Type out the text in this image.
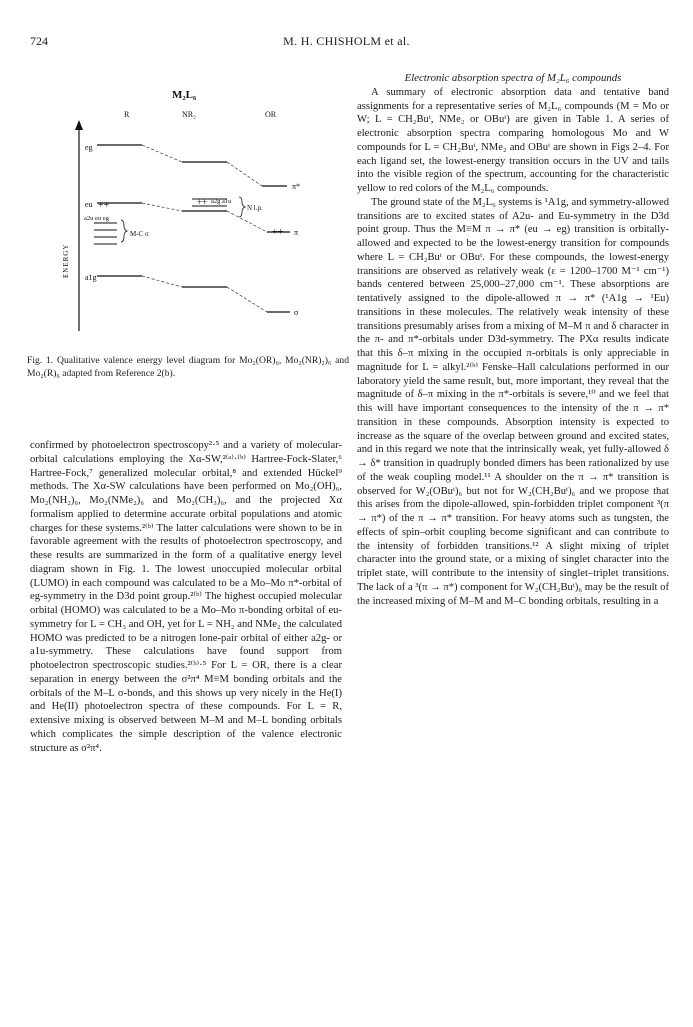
724	M. H. CHISHOLM et al.
M₂L₆
R	NR₂	OR
ENERGY
eg
π*
eu ++
++ π
++ a2g a1u
N l.p.
a2u eu eg
M-C σ
a1g
σ
Fig. 1. Qualitative valence energy level diagram for Mo₂(OR)₆, Mo₂(NR)₂)₆ and Mo₂(R)₆ adapted from Reference 2(b).

confirmed by photoelectron spectroscopy²·⁵ and a variety of molecular-orbital calculations employing the Xα-SW,²⁽ᵃ⁾·⁽ᵇ⁾ Hartree-Fock-Slater,⁶ Hartree-Fock,⁷ generalized molecular orbital,⁸ and extended Hückel⁹ methods. The Xα-SW calculations have been performed on Mo₂(OH)₆, Mo₂(NH₂)₆, Mo₂(NMe₂)₆ and Mo₂(CH₃)₆, and the projected Xα formalism applied to determine accurate orbital populations and atomic charges for these systems.²⁽ᵇ⁾ The latter calculations were shown to be in favorable agreement with the results of photoelectron spectroscopy, and these results are summarized in the form of a qualitative energy level diagram shown in Fig. 1. The lowest unoccupied molecular orbital (LUMO) in each compound was calculated to be a Mo–Mo π*-orbital of eg-symmetry in the D3d point group.²⁽ᵇ⁾ The highest occupied molecular orbital (HOMO) was calculated to be a Mo–Mo π-bonding orbital of eu-symmetry for L = CH₃ and OH, yet for L = NH₂ and NMe₂ the calculated HOMO was predicted to be a nitrogen lone-pair orbital of either a2g- or a1u-symmetry. These calculations have found support from photoelectron spectroscopic studies.²⁽ᵇ⁾·⁵ For L = OR, there is a clear separation in energy between the σ²π⁴ M≡M bonding orbitals and the orbitals of the M–L σ-bonds, and this shows up very nicely in the He(I) and He(II) photoelectron spectra of these compounds. For L = R, extensive mixing is observed between M–M and M–L bonding orbitals which complicates the simple description of the valence electronic structure as σ²π⁴.

Electronic absorption spectra of M₂L₆ compounds

A summary of electronic absorption data and tentative band assignments for a representative series of M₂L₆ compounds (M = Mo or W; L = CH₂Buᵗ, NMe₂ or OBuᵗ) are given in Table 1. A series of electronic absorption spectra comparing homologous Mo and W compounds for L = CH₂Buᵗ, NMe₂ and OBuᵗ are shown in Figs 2–4. For each ligand set, the lowest-energy transition occurs in the UV and tails into the visible region of the spectrum, accounting for the characteristic yellow to red colors of the M₂L₆ compounds.

The ground state of the M₂L₆ systems is ¹A1g, and symmetry-allowed transitions are to excited states of A2u- and Eu-symmetry in the D3d point group. Thus the M≡M π → π* (eu → eg) transition is orbitally-allowed and expected to be the lowest-energy transition for compounds where L = CH₂Buᵗ or OBuᵗ. For these compounds, the lowest-energy transitions are observed as relatively weak (ε = 1200–1700 M⁻¹ cm⁻¹) bands centered between 25,000–27,000 cm⁻¹. These absorptions are tentatively assigned to the dipole-allowed π → π* (¹A1g → ¹Eu) transitions in these molecules. The relatively weak intensity of these transitions presumably arises from a mixing of M–M π and δ character in the π- and π*-orbitals under D3d-symmetry. The PXα results indicate that this δ–π mixing in the occupied π-orbitals is only appreciable in magnitude for L = alkyl.²⁽ᵇ⁾ Fenske–Hall calculations performed in our laboratory yield the same result, but, more important, they reveal that the magnitude of δ–π mixing in the π*-orbitals is severe,¹⁰ and we feel that this will have important consequences to the intensity of the π → π* transition in these compounds. Absorption intensity is expected to increase as the square of the overlap between ground and excited states, and in this regard we note that the intrinsically weak, yet fully-allowed δ → δ* transition in quadruply bonded dimers has been rationalized by use of the weak coupling model.¹¹ A shoulder on the π → π* transition is observed for W₂(OBuᵗ)₆ but not for W₂(CH₂Buᵗ)₆ and we propose that this arises from the dipole-allowed, spin-forbidden triplet component ³(π → π*) of the π → π* transition. For heavy atoms such as tungsten, the effects of spin–orbit coupling become significant and can contribute to the intensity of forbidden transitions.¹² A slight mixing of triplet character into the ground state, or a mixing of singlet character into the triplet state, will contribute to the intensity of singlet–triplet transitions. The lack of a ³(π → π*) component for W₂(CH₂Buᵗ)₆ may be the result of the increased mixing of M–M and M–C bonding orbitals, resulting in a
